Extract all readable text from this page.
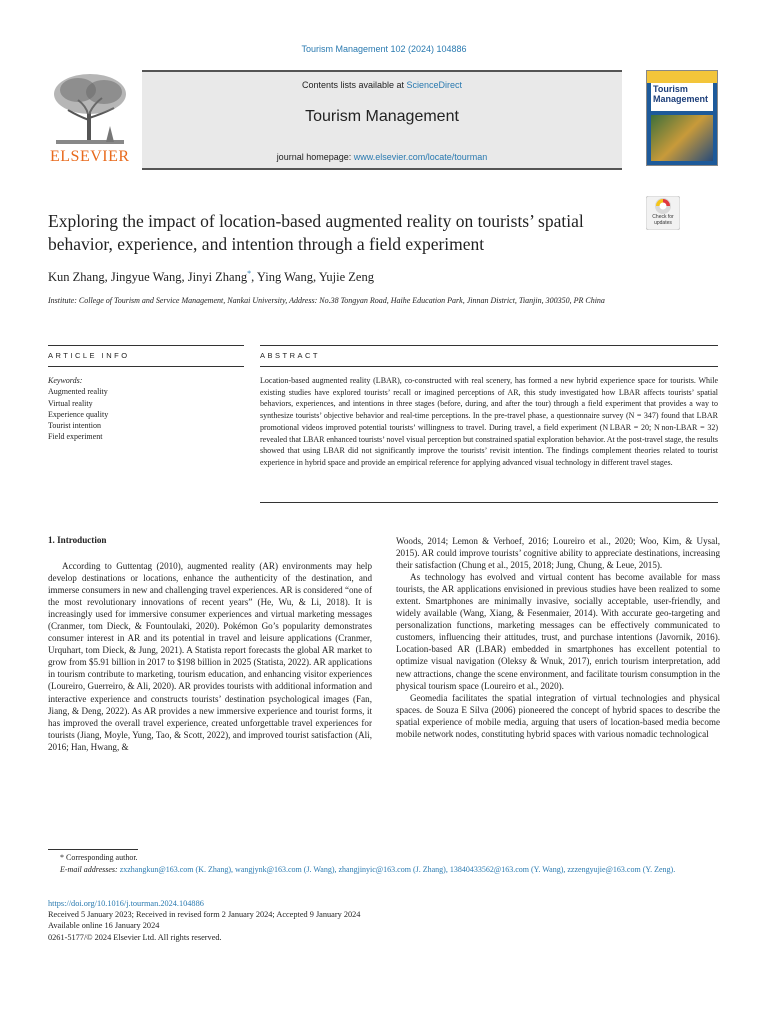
Tourism Management 102 (2024) 104886
ELSEVIER
Contents lists available at ScienceDirect
Tourism Management
journal homepage: www.elsevier.com/locate/tourman
Tourism
Management
Check for
updates
Exploring the impact of location-based augmented reality on tourists’ spatial behavior, experience, and intention through a field experiment
Kun Zhang, Jingyue Wang, Jinyi Zhang*, Ying Wang, Yujie Zeng
Institute: College of Tourism and Service Management, Nankai University, Address: No.38 Tongyan Road, Haihe Education Park, Jinnan District, Tianjin, 300350, PR China
ARTICLE INFO	ABSTRACT
Keywords:
Augmented reality
Virtual reality
Experience quality
Tourist intention
Field experiment
Location-based augmented reality (LBAR), co-constructed with real scenery, has formed a new hybrid experience space for tourists. While existing studies have explored tourists’ recall or imagined perceptions of AR, this study investigated how LBAR affects tourists’ spatial behaviors, experiences, and intentions in three stages (before, during, and after the tour) through a field experiment that provides a way to synthesize tourists’ objective behavior and real-time perceptions. In the pre-travel phase, a questionnaire survey (N = 347) found that LBAR promotional videos improved potential tourists’ willingness to travel. During travel, a field experiment (N LBAR = 20; N non-LBAR = 32) revealed that LBAR enhanced tourists’ novel visual perception but constrained spatial exploration behavior. At the post-travel stage, the results showed that using LBAR did not significantly improve the tourists’ revisit intention. The findings complement theories related to tourist experience in hybrid space and provide an empirical reference for applying advanced visual technology in different travel stages.
1. Introduction

According to Guttentag (2010), augmented reality (AR) environments may help develop destinations or locations, enhance the authenticity of the destination, and immerse consumers in new and challenging travel experiences. AR is considered “one of the most revolutionary innovations of recent years” (He, Wu, & Li, 2018). It is increasingly used for immersive consumer experiences and virtual marketing messages (Cranmer, tom Dieck, & Fountoulaki, 2020). Pokémon Go’s popularity demonstrates consumer interest in AR and its potential in travel and leisure applications (Cranmer, Urquhart, tom Dieck, & Jung, 2021). A Statista report forecasts the global AR market to grow from $5.91 billion in 2017 to $198 billion in 2025 (Statista, 2022). AR applications in tourism contribute to marketing, tourism education, and enhancing visitor experiences (Loureiro, Guerreiro, & Ali, 2020). AR provides tourists with additional information and interactive experience and constructs tourists’ destination psychological images (Fan, Jiang, & Deng, 2022). As AR provides a new immersive experience and tourist forms, it has improved the overall travel experience, created unforgettable travel experiences for tourists (Jiang, Moyle, Yung, Tao, & Scott, 2022), and improved tourist satisfaction (Ali, 2016; Han, Hwang, &

Woods, 2014; Lemon & Verhoef, 2016; Loureiro et al., 2020; Woo, Kim, & Uysal, 2015). AR could improve tourists’ cognitive ability to appreciate destinations, increasing their satisfaction (Chung et al., 2015, 2018; Jung, Chung, & Leue, 2015).

As technology has evolved and virtual content has become available for mass tourists, the AR applications envisioned in previous studies have been realized to some extent. Smartphones are minimally invasive, socially acceptable, user-friendly, and widely available (Wang, Xiang, & Fesenmaier, 2014). With accurate geo-targeting and personalization functions, marketing messages can be effectively communicated to customers, influencing their attitudes, trust, and purchase intentions (Javornik, 2016). Location-based AR (LBAR) embedded in smartphones has excellent potential to optimize visual navigation (Oleksy & Wnuk, 2017), enrich tourism interpretation, add new attractions, change the scene environment, and facilitate tourism consumption in the physical tourism space (Loureiro et al., 2020).

Geomedia facilitates the spatial integration of virtual technologies and physical spaces. de Souza E Silva (2006) pioneered the concept of hybrid spaces to describe the spatial experience of mobile media, arguing that users of location-based media become mobile network nodes, constituting hybrid spaces with various nomadic technological

* Corresponding author.
E-mail addresses: zxzhangkun@163.com (K. Zhang), wangjynk@163.com (J. Wang), zhangjinyic@163.com (J. Zhang), 13840433562@163.com (Y. Wang), zzzengyujie@163.com (Y. Zeng).
https://doi.org/10.1016/j.tourman.2024.104886
Received 5 January 2023; Received in revised form 2 January 2024; Accepted 9 January 2024
Available online 16 January 2024
0261-5177/© 2024 Elsevier Ltd. All rights reserved.
